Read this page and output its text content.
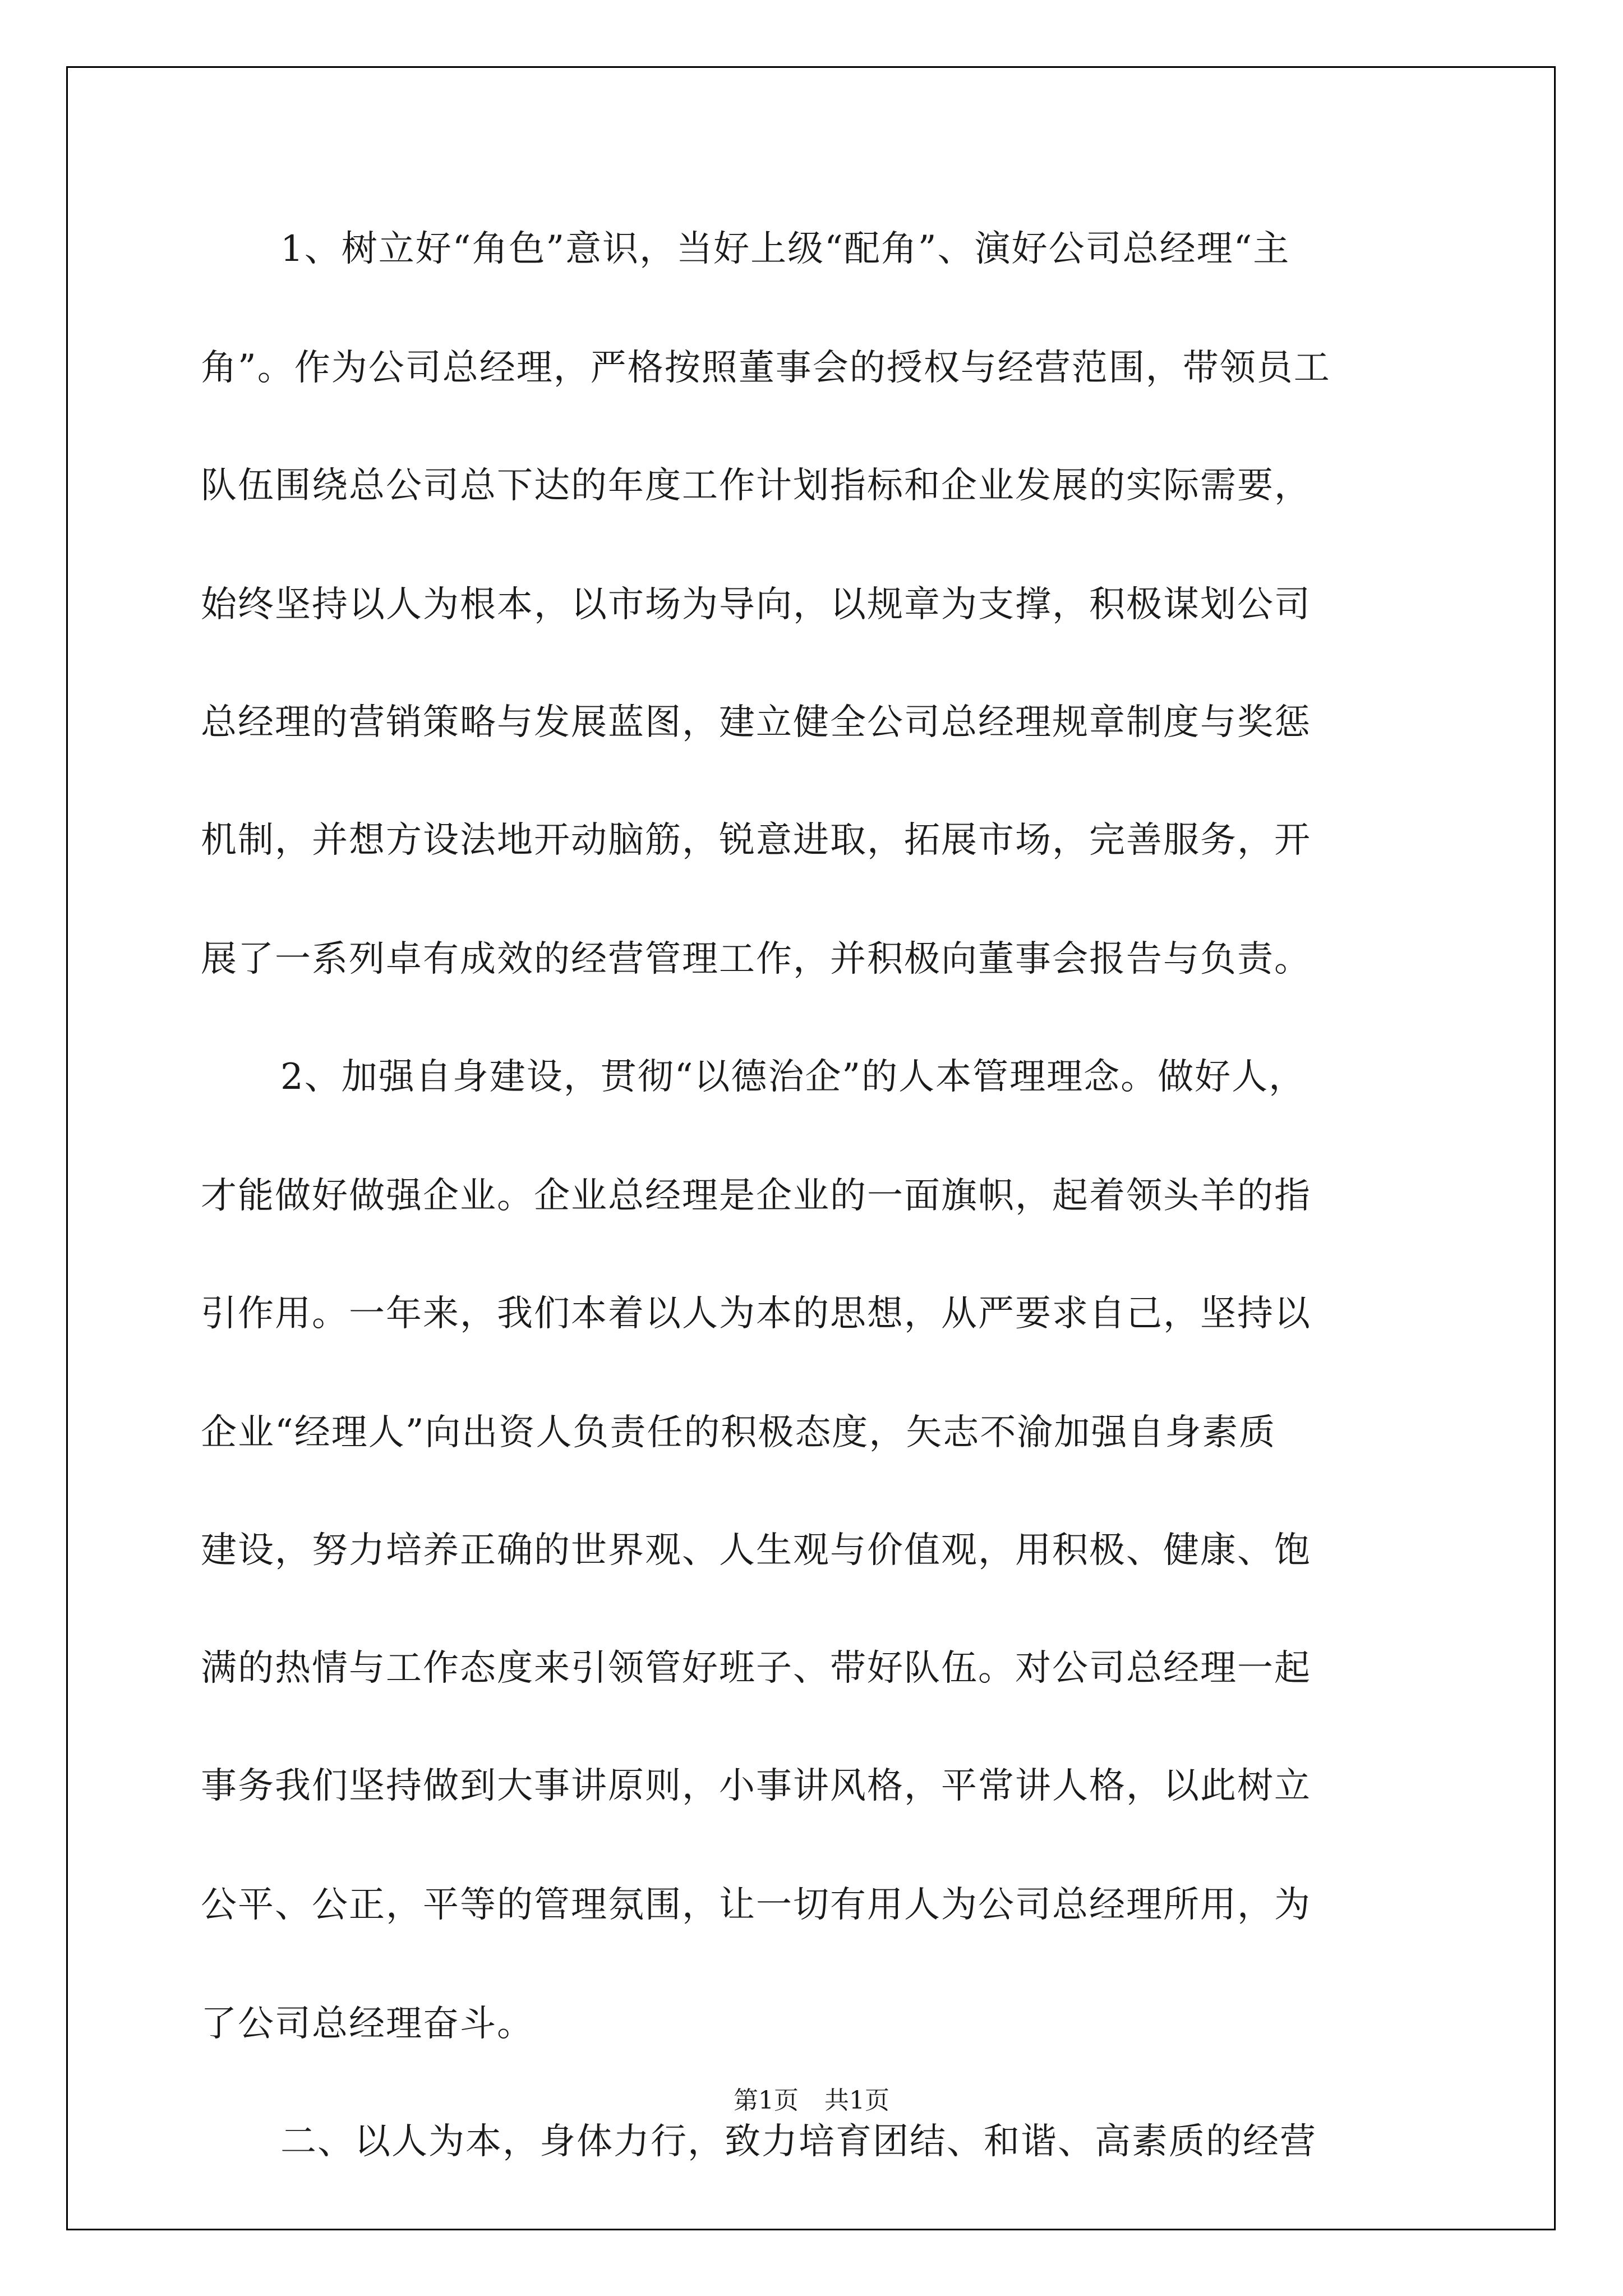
1、树立好“角色”意识，当好上级“配角”、演好公司总经理“主
角”。作为公司总经理，严格按照董事会的授权与经营范围，带领员工
队伍围绕总公司总下达的年度工作计划指标和企业发展的实际需要，
始终坚持以人为根本，以市场为导向，以规章为支撑，积极谋划公司
总经理的营销策略与发展蓝图，建立健全公司总经理规章制度与奖惩
机制，并想方设法地开动脑筋，锐意进取，拓展市场，完善服务，开
展了一系列卓有成效的经营管理工作，并积极向董事会报告与负责。
2、加强自身建设，贯彻“以德治企”的人本管理理念。做好人，
才能做好做强企业。企业总经理是企业的一面旗帜，起着领头羊的指
引作用。一年来，我们本着以人为本的思想，从严要求自己，坚持以
企业“经理人”向出资人负责任的积极态度，矢志不渝加强自身素质
建设，努力培养正确的世界观、人生观与价值观，用积极、健康、饱
满的热情与工作态度来引领管好班子、带好队伍。对公司总经理一起
事务我们坚持做到大事讲原则，小事讲风格，平常讲人格，以此树立
公平、公正，平等的管理氛围，让一切有用人为公司总经理所用，为
了公司总经理奋斗。
二、以人为本，身体力行，致力培育团结、和谐、高素质的经营
第1页 共1页
